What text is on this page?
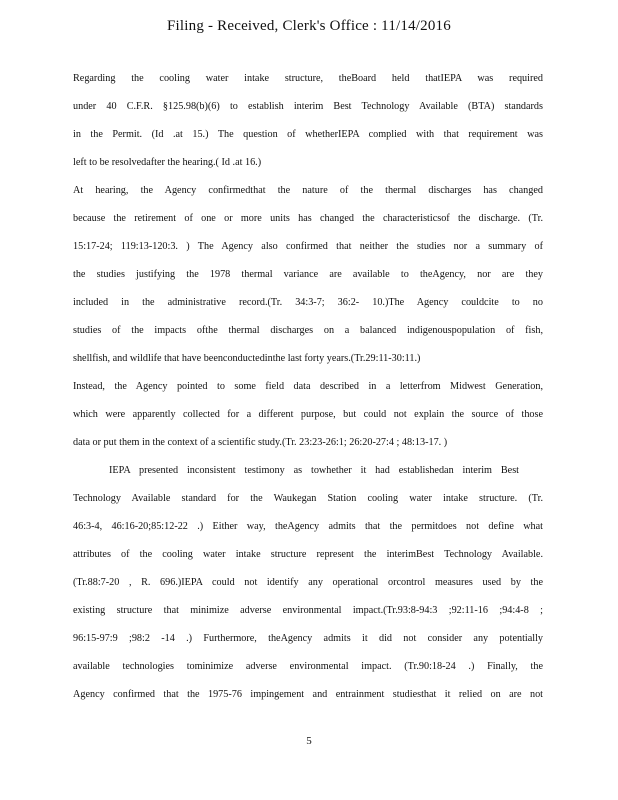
Filing - Received, Clerk's Office : 11/14/2016
Regarding the cooling water intake structure, theBoard held thatIEPA was required
under 40 C.F.R. §125.98(b)(6) to establish interim Best Technology Available (BTA) standards
in the Permit. (Id .at 15.) The question of whetherIEPA complied with that requirement was
left to be resolvedafter the hearing.( Id .at 16.)
At hearing, the Agency confirmedthat the nature of the thermal discharges has changed
because the retirement of one or more units has changed the characteristicsof the discharge. (Tr.
15:17-24; 119:13-120:3. ) The Agency also confirmed that neither the studies nor a summary of
the studies justifying the 1978 thermal variance are available to theAgency, nor are they
included in the administrative record.(Tr. 34:3-7; 36:2- 10.)The Agency couldcite to no
studies of the impacts ofthe thermal discharges on a balanced indigenouspopulation of fish,
shellfish, and wildlife that have beenconductedinthe last forty years.(Tr.29:11-30:11.)
Instead, the Agency pointed to some field data described in a letterfrom Midwest Generation,
which were apparently collected for a different purpose, but could not explain the source of those
data or put them in the context of a scientific study.(Tr. 23:23-26:1; 26:20-27:4 ; 48:13-17. )
IEPA presented inconsistent testimony as towhether it had establishedan interim Best
Technology Available standard for the Waukegan Station cooling water intake structure. (Tr.
46:3-4, 46:16-20;85:12-22 .) Either way, theAgency admits that the permitdoes not define what
attributes of the cooling water intake structure represent the interimBest Technology Available.
(Tr.88:7-20 , R. 696.)IEPA could not identify any operational orcontrol measures used by the
existing structure that minimize adverse environmental impact.(Tr.93:8-94:3 ;92:11-16 ;94:4-8 ;
96:15-97:9 ;98:2 -14 .) Furthermore, theAgency admits it did not consider any potentially
available technologies tominimize adverse environmental impact. (Tr.90:18-24 .) Finally, the
Agency confirmed that the 1975-76 impingement and entrainment studiesthat it relied on are not
5
